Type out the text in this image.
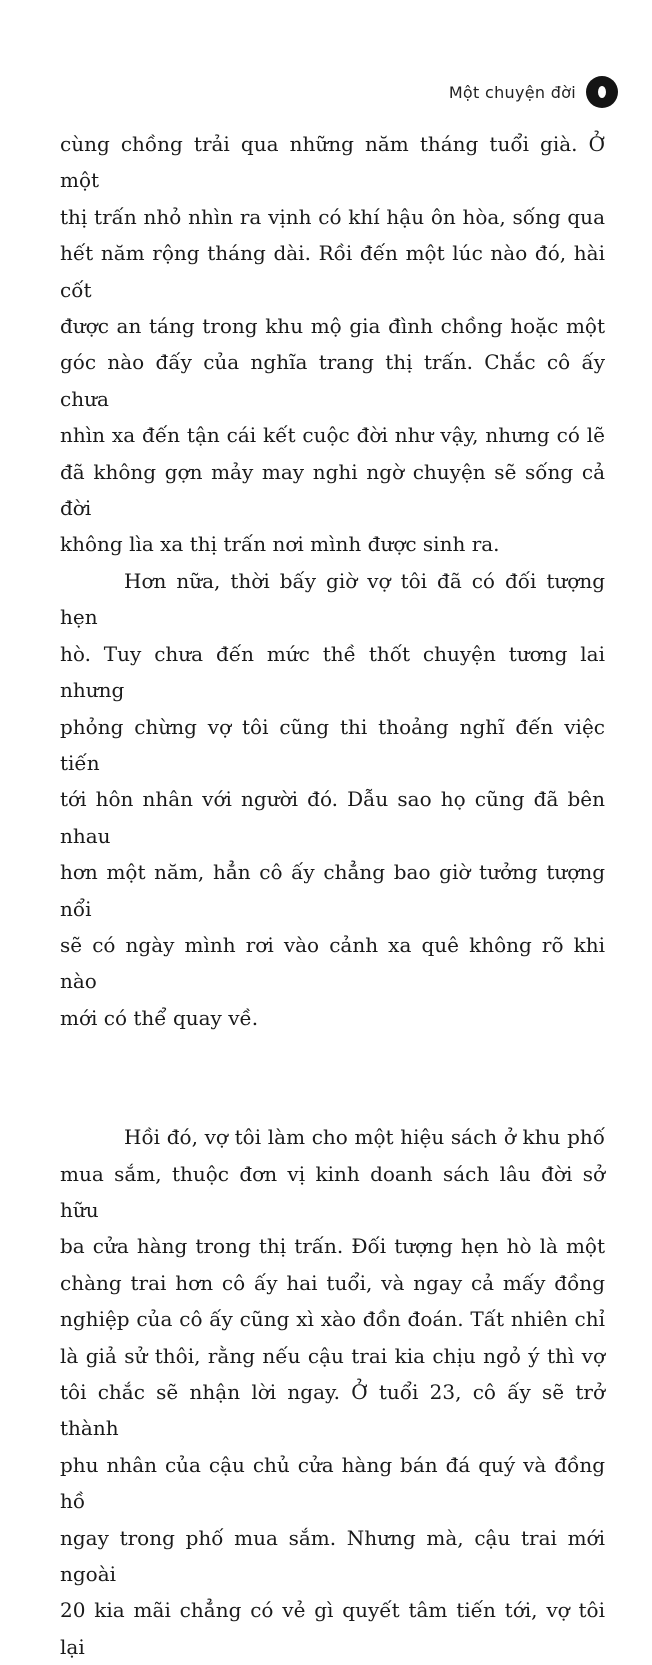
Một chuyện đời
cùng chồng trải qua những năm tháng tuổi già. Ở một
thị trấn nhỏ nhìn ra vịnh có khí hậu ôn hòa, sống qua
hết năm rộng tháng dài. Rồi đến một lúc nào đó, hài cốt
được an táng trong khu mộ gia đình chồng hoặc một
góc nào đấy của nghĩa trang thị trấn. Chắc cô ấy chưa
nhìn xa đến tận cái kết cuộc đời như vậy, nhưng có lẽ
đã không gợn mảy may nghi ngờ chuyện sẽ sống cả đời
không lìa xa thị trấn nơi mình được sinh ra.
Hơn nữa, thời bấy giờ vợ tôi đã có đối tượng hẹn
hò. Tuy chưa đến mức thề thốt chuyện tương lai nhưng
phỏng chừng vợ tôi cũng thi thoảng nghĩ đến việc tiến
tới hôn nhân với người đó. Dẫu sao họ cũng đã bên nhau
hơn một năm, hẳn cô ấy chẳng bao giờ tưởng tượng nổi
sẽ có ngày mình rơi vào cảnh xa quê không rõ khi nào
mới có thể quay về.
Hồi đó, vợ tôi làm cho một hiệu sách ở khu phố
mua sắm, thuộc đơn vị kinh doanh sách lâu đời sở hữu
ba cửa hàng trong thị trấn. Đối tượng hẹn hò là một
chàng trai hơn cô ấy hai tuổi, và ngay cả mấy đồng
nghiệp của cô ấy cũng xì xào đồn đoán. Tất nhiên chỉ
là giả sử thôi, rằng nếu cậu trai kia chịu ngỏ ý thì vợ
tôi chắc sẽ nhận lời ngay. Ở tuổi 23, cô ấy sẽ trở thành
phu nhân của cậu chủ cửa hàng bán đá quý và đồng hồ
ngay trong phố mua sắm. Nhưng mà, cậu trai mới ngoài
20 kia mãi chẳng có vẻ gì quyết tâm tiến tới, vợ tôi lại
